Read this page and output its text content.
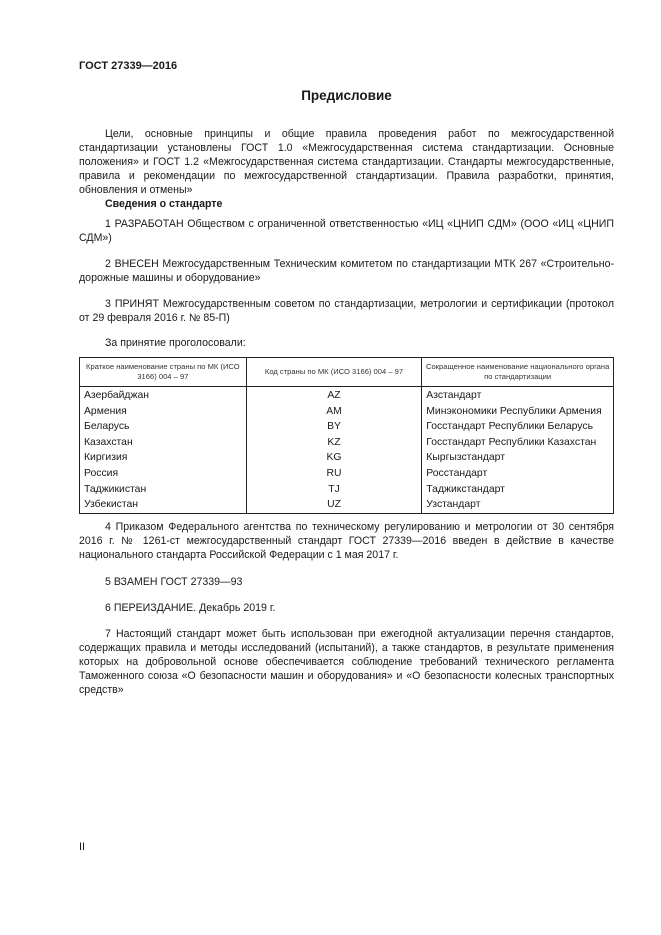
ГОСТ 27339—2016
Предисловие
Цели, основные принципы и общие правила проведения работ по межгосударственной стандартизации установлены ГОСТ 1.0 «Межгосударственная система стандартизации. Основные положения» и ГОСТ 1.2 «Межгосударственная система стандартизации. Стандарты межгосударственные, правила и рекомендации по межгосударственной стандартизации. Правила разработки, принятия, обновления и отмены»
Сведения о стандарте
1 РАЗРАБОТАН Обществом с ограниченной ответственностью «ИЦ «ЦНИП СДМ» (ООО «ИЦ «ЦНИП СДМ»)
2 ВНЕСЕН Межгосударственным Техническим комитетом по стандартизации МТК 267 «Строительно-дорожные машины и оборудование»
3 ПРИНЯТ Межгосударственным советом по стандартизации, метрологии и сертификации (протокол от 29 февраля 2016 г. № 85-П)
За принятие проголосовали:
Краткое наименование страны по МК (ИСО 3166) 004 – 97	Код страны по МК (ИСО 3166) 004 – 97	Сокращенное наименование национального органа по стандартизации
Азербайджан	AZ	Азстандарт
Армения	AM	Минэкономики Республики Армения
Беларусь	BY	Госстандарт Республики Беларусь
Казахстан	KZ	Госстандарт Республики Казахстан
Киргизия	KG	Кыргызстандарт
Россия	RU	Росстандарт
Таджикистан	TJ	Таджикстандарт
Узбекистан	UZ	Узстандарт
4 Приказом Федерального агентства по техническому регулированию и метрологии от 30 сентября 2016 г. № 1261-ст межгосударственный стандарт ГОСТ 27339—2016 введен в действие в качестве национального стандарта Российской Федерации с 1 мая 2017 г.
5 ВЗАМЕН ГОСТ 27339—93
6 ПЕРЕИЗДАНИЕ. Декабрь 2019 г.
7 Настоящий стандарт может быть использован при ежегодной актуализации перечня стандартов, содержащих правила и методы исследований (испытаний), а также стандартов, в результате применения которых на добровольной основе обеспечивается соблюдение требований технического регламента Таможенного союза «О безопасности машин и оборудования» и «О безопасности колесных транспортных средств»
II
